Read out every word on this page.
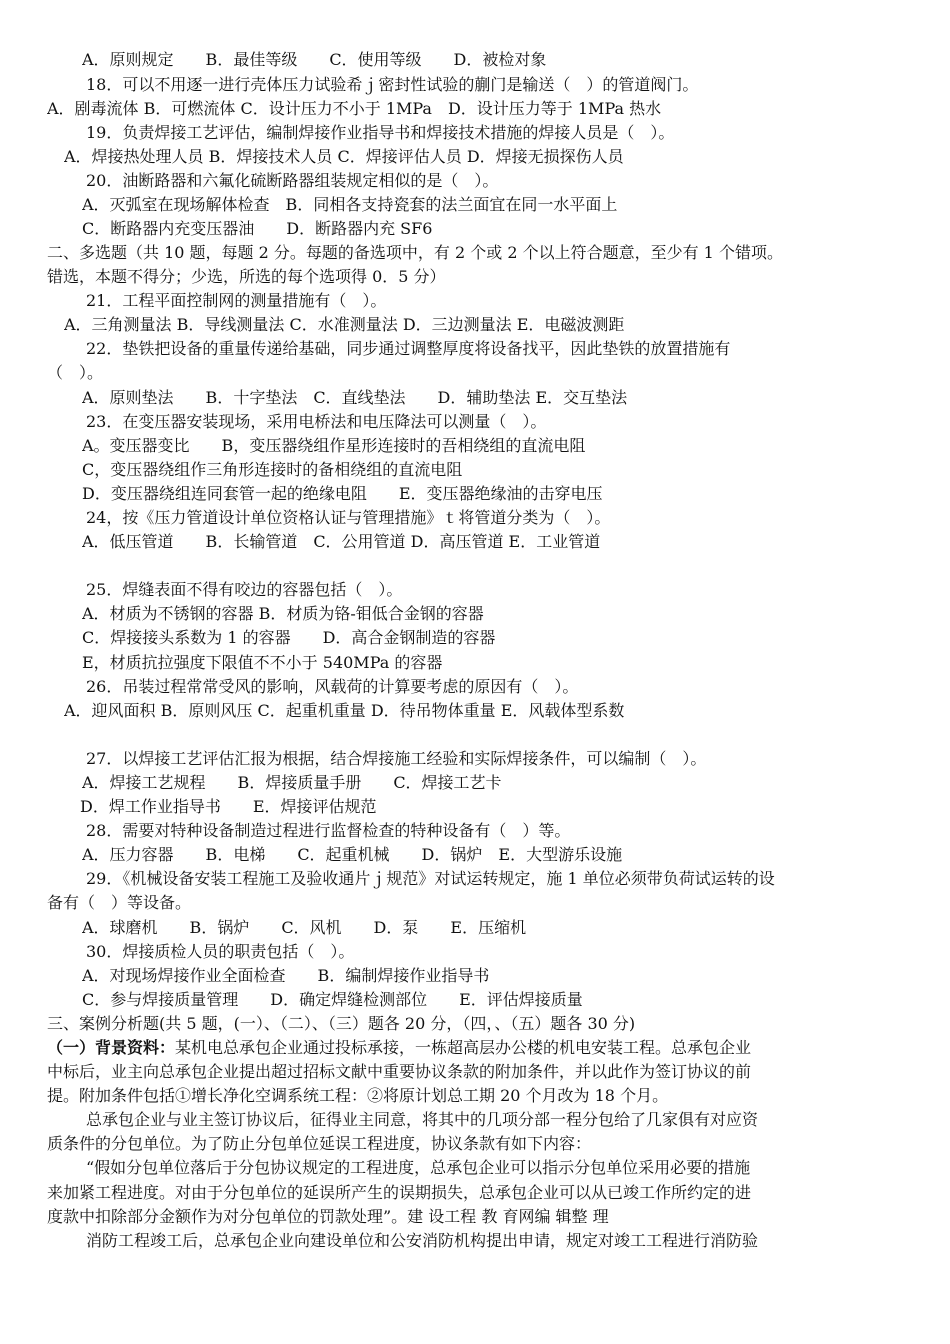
A．原则规定　　B．最佳等级　　C．使用等级　　D．被检对象
18．可以不用逐一进行壳体压力试验希ｊ密封性试验的蒯门是输送（　）的管道阀门。
A．剧毒流体 B．可燃流体 C．设计压力不小于 1MPa　D．设计压力等于 1MPa 热水
19．负责焊接工艺评估，编制焊接作业指导书和焊接技术措施的焊接人员是（　）。
A．焊接热处理人员 B．焊接技术人员 C．焊接评估人员 D．焊接无损探伤人员
20．油断路器和六氟化硫断路器组装规定相似的是（　）。
A．灭弧室在现场解体检查　B．同相各支持瓷套的法兰面宜在同一水平面上
C．断路器内充变压器油　　D．断路器内充 SF6
二、多选题（共 10 题，每题 2 分。每题的备选项中，有 2 个或 2 个以上符合题意，至少有 1 个错项。
错选，本题不得分；少选，所选的每个选项得 0．5 分）
21．工程平面控制网的测量措施有（　）。
A．三角测量法 B．导线测量法 C．水准测量法 D．三边测量法 E．电磁波测距
22．垫铁把设备的重量传递给基础，同步通过调整厚度将设备找平，因此垫铁的放置措施有
（　）。
A．原则垫法　　B．十字垫法　C．直线垫法　　D．辅助垫法 E．交互垫法
23．在变压器安装现场，采用电桥法和电压降法可以测量（　）。
A。变压器变比　　B，变压器绕组作星形连接时的吾相绕组的直流电阻
C，变压器绕组作三角形连接时的备相绕组的直流电阻
D．变压器绕组连同套管一起的绝缘电阻　　E．变压器绝缘油的击穿电压
24，按《压力管道设计单位资格认证与管理措施》ｔ将管道分类为（　）。
A．低压管道　　B．长输管道　C．公用管道 D．高压管道 E．工业管道
25．焊缝表面不得有咬边的容器包括（　）。
A．材质为不锈钢的容器 B．材质为铬-钼低合金钢的容器
C．焊接接头系数为 1 的容器　　D．高合金钢制造的容器
E，材质抗拉强度下限值不不小于 540MPa 的容器
26．吊装过程常常受风的影响，风载荷的计算要考虑的原因有（　）。
A．迎风面积 B．原则风压 C．起重机重量 D．待吊物体重量 E．风载体型系数
27．以焊接工艺评估汇报为根据，结合焊接施工经验和实际焊接条件，可以编制（　）。
A．焊接工艺规程　　B．焊接质量手册　　C．焊接工艺卡
D．焊工作业指导书　　E．焊接评估规范
28．需要对特种设备制造过程进行监督检查的特种设备有（　）等。
A．压力容器　　B．电梯　　C．起重机械　　D．锅炉　E．大型游乐设施
29．《机械设备安装工程施工及验收通片ｊ规范》对试运转规定，施 1 单位必须带负荷试运转的设
备有（　）等设备。
A．球磨机　　B．锅炉　　C．风机　　D．泵　　E．压缩机
30．焊接质检人员的职责包括（　）。
A．对现场焊接作业全面检查　　B．编制焊接作业指导书
C．参与焊接质量管理　　D．确定焊缝检测部位　　E．评估焊接质量
三、案例分析题(共 5 题，(一）、（二）、（三）题各 20 分，（四，、（五）题各 30 分)
（一）背景资料：某机电总承包企业通过投标承接，一栋超高层办公楼的机电安装工程。总承包企业
中标后，业主向总承包企业提出超过招标文献中重要协议条款的附加条件，并以此作为签订协议的前
提。附加条件包括①增长净化空调系统工程：②将原计划总工期 20 个月改为 18 个月。
总承包企业与业主签订协议后，征得业主同意，将其中的几项分部一程分包给了几家俱有对应资
质条件的分包单位。为了防止分包单位延误工程进度，协议条款有如下内容：
“假如分包单位落后于分包协议规定的工程进度，总承包企业可以指示分包单位采用必要的措施
来加紧工程进度。对由于分包单位的延误所产生的误期损失，总承包企业可以从已竣工作所约定的进
度款中扣除部分金额作为对分包单位的罚款处理”。建 设工程 教 育网编 辑整 理
消防工程竣工后，总承包企业向建设单位和公安消防机构提出申请，规定对竣工工程进行消防验
